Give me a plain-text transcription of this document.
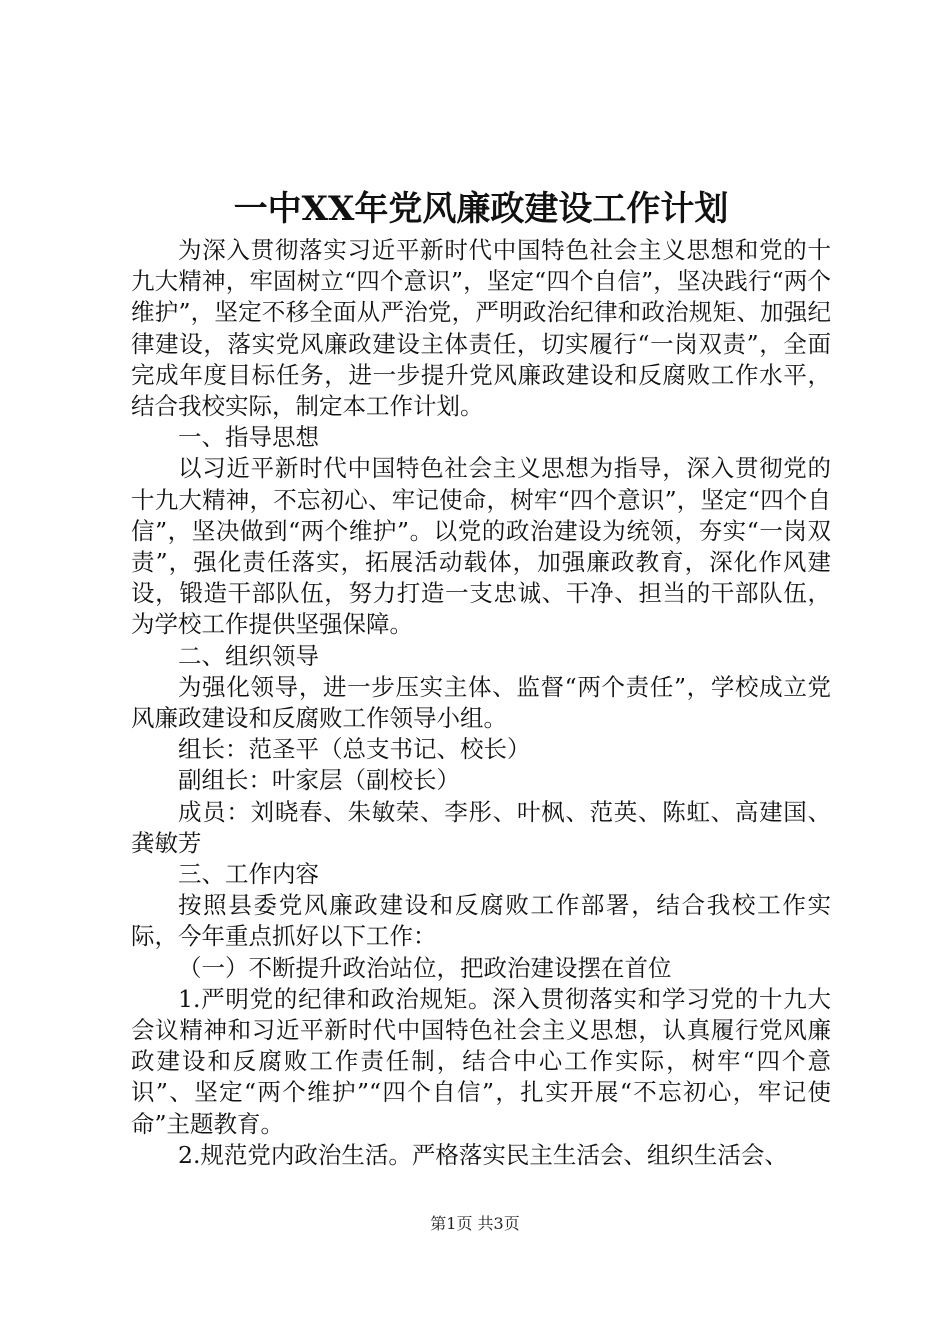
一中XX年党风廉政建设工作计划

为深入贯彻落实习近平新时代中国特色社会主义思想和党的十九大精神，牢固树立“四个意识”，坚定“四个自信”，坚决践行“两个维护”，坚定不移全面从严治党，严明政治纪律和政治规矩、加强纪律建设，落实党风廉政建设主体责任，切实履行“一岗双责”，全面完成年度目标任务，进一步提升党风廉政建设和反腐败工作水平，结合我校实际，制定本工作计划。

一、指导思想

以习近平新时代中国特色社会主义思想为指导，深入贯彻党的十九大精神，不忘初心、牢记使命，树牢“四个意识”，坚定“四个自信”，坚决做到“两个维护”。以党的政治建设为统领，夯实“一岗双责”，强化责任落实，拓展活动载体，加强廉政教育，深化作风建设，锻造干部队伍，努力打造一支忠诚、干净、担当的干部队伍，为学校工作提供坚强保障。

二、组织领导

为强化领导，进一步压实主体、监督“两个责任”，学校成立党风廉政建设和反腐败工作领导小组。

组长：范圣平（总支书记、校长）

副组长：叶家层（副校长）

成员：刘晓春、朱敏荣、李彤、叶枫、范英、陈虹、高建国、龚敏芳

三、工作内容

按照县委党风廉政建设和反腐败工作部署，结合我校工作实际，今年重点抓好以下工作：

（一）不断提升政治站位，把政治建设摆在首位

1.严明党的纪律和政治规矩。深入贯彻落实和学习党的十九大会议精神和习近平新时代中国特色社会主义思想，认真履行党风廉政建设和反腐败工作责任制，结合中心工作实际，树牢“四个意识”、坚定“两个维护”“四个自信”，扎实开展“不忘初心，牢记使命”主题教育。

2.规范党内政治生活。严格落实民主生活会、组织生活会、

第1页 共3页
